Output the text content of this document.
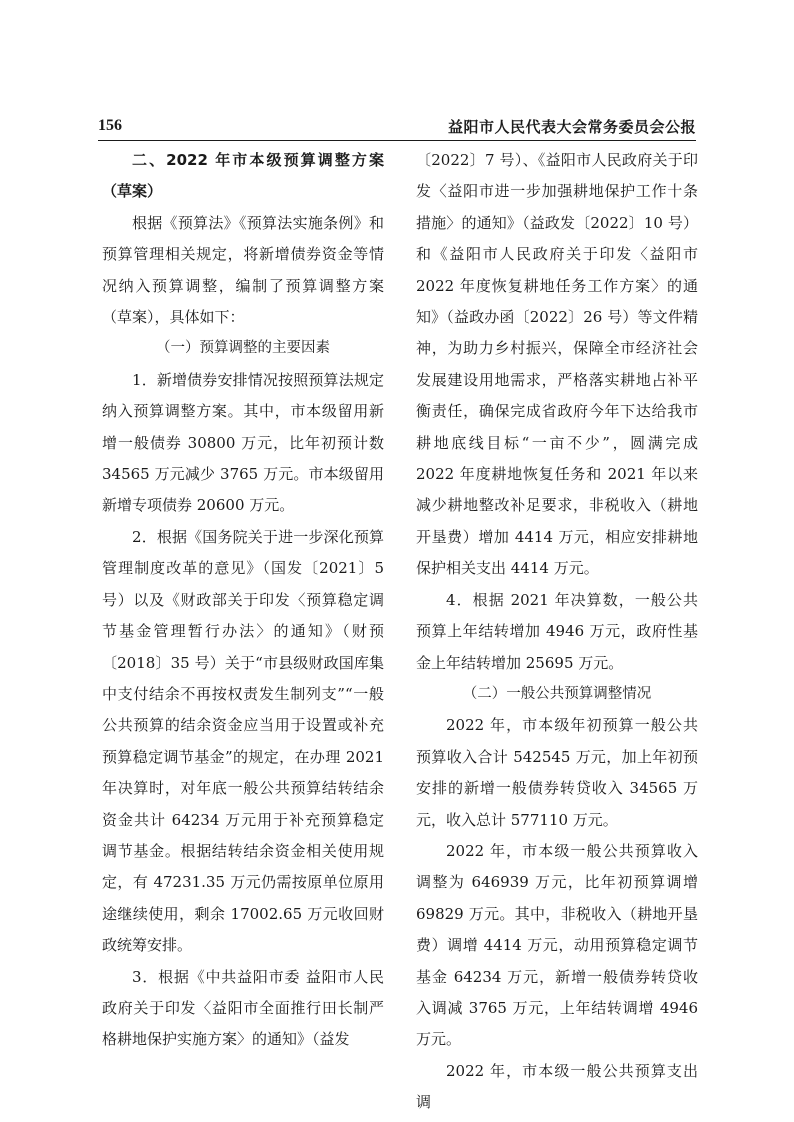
156	益阳市人民代表大会常务委员会公报
二、2022 年市本级预算调整方案（草案）

根据《预算法》《预算法实施条例》和预算管理相关规定，将新增债券资金等情况纳入预算调整，编制了预算调整方案（草案），具体如下：

（一）预算调整的主要因素

1．新增债券安排情况按照预算法规定纳入预算调整方案。其中，市本级留用新增一般债券 30800 万元，比年初预计数 34565 万元减少 3765 万元。市本级留用新增专项债券 20600 万元。

2．根据《国务院关于进一步深化预算管理制度改革的意见》（国发〔2021〕5 号）以及《财政部关于印发〈预算稳定调节基金管理暂行办法〉的通知》（财预〔2018〕35 号）关于“市县级财政国库集中支付结余不再按权责发生制列支”“一般公共预算的结余资金应当用于设置或补充预算稳定调节基金”的规定，在办理 2021 年决算时，对年底一般公共预算结转结余资金共计 64234 万元用于补充预算稳定调节基金。根据结转结余资金相关使用规定，有 47231.35 万元仍需按原单位原用途继续使用，剩余 17002.65 万元收回财政统筹安排。

3．根据《中共益阳市委 益阳市人民政府关于印发〈益阳市全面推行田长制严格耕地保护实施方案〉的通知》（益发

〔2022〕7 号）、《益阳市人民政府关于印发〈益阳市进一步加强耕地保护工作十条措施〉的通知》（益政发〔2022〕10 号）和《益阳市人民政府关于印发〈益阳市 2022 年度恢复耕地任务工作方案〉的通知》（益政办函〔2022〕26 号）等文件精神，为助力乡村振兴，保障全市经济社会发展建设用地需求，严格落实耕地占补平衡责任，确保完成省政府今年下达给我市耕地底线目标“一亩不少”，圆满完成 2022 年度耕地恢复任务和 2021 年以来减少耕地整改补足要求，非税收入（耕地开垦费）增加 4414 万元，相应安排耕地保护相关支出 4414 万元。

4．根据 2021 年决算数，一般公共预算上年结转增加 4946 万元，政府性基金上年结转增加 25695 万元。

（二）一般公共预算调整情况

2022 年，市本级年初预算一般公共预算收入合计 542545 万元，加上年初预安排的新增一般债券转贷收入 34565 万元，收入总计 577110 万元。

2022 年，市本级一般公共预算收入调整为 646939 万元，比年初预算调增 69829 万元。其中，非税收入（耕地开垦费）调增 4414 万元，动用预算稳定调节基金 64234 万元，新增一般债券转贷收入调减 3765 万元，上年结转调增 4946 万元。

2022 年，市本级一般公共预算支出调
